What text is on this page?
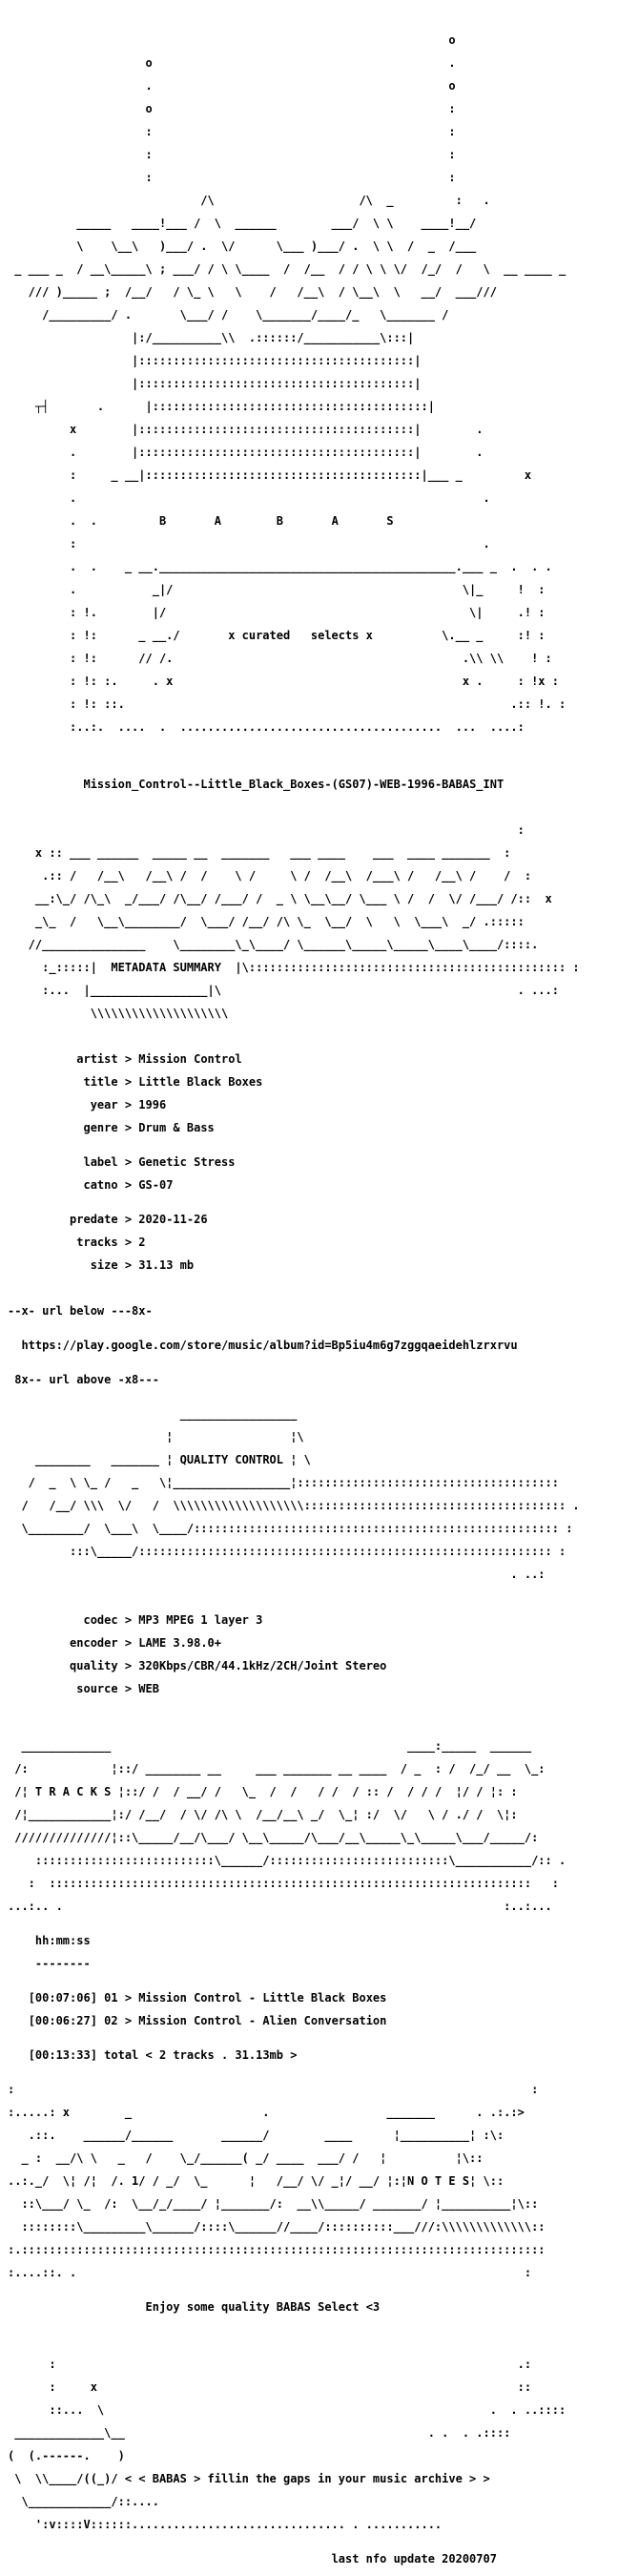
o

o                                           .

.                                           o

o                                           :

:                                           :

:                                           :

:                                           :

/\                     /\  _         :   .

_____   ____!___ /  \  ______        ___/  \ \    ____!__/

\    \__\   )___/ .  \/      \___ )___/ .  \ \  /  _  /___

_ ___ _  / __\_____\ ; ___/ / \ \____  /  /__  / / \ \ \/  /_/  /   \  __ ____ _

/// )_____ ;  /__/   / \_ \   \    /   /__\  / \__\  \   __/  ___///

/_________/ .       \___/ /    \_______/____/_   \_______ /

|:/__________\\  .::::::/___________\:::|

|::::::::::::::::::::::::::::::::::::::::|

|::::::::::::::::::::::::::::::::::::::::|

┬┤       .      |::::::::::::::::::::::::::::::::::::::::|

x        |::::::::::::::::::::::::::::::::::::::::|        .

.        |::::::::::::::::::::::::::::::::::::::::|        .

:     _ __|::::::::::::::::::::::::::::::::::::::::|___ _         x

.                                                           .

.  .         B       A        B       A       S

:                                                           .

.  .    _ __.___________________________________________.___ _  .  . .

.           _|/                                          \|_     !  :

: !.        |/                                            \|     .! :

: !:      _ __./       x curated   selects x          \.__ _     :! :

: !:      // /.                                          .\\ \\    ! :

: !: :.     . x                                          x .     : !x :

: !: ::.                                                        .:: !. :

:..:.  ....  .  ......................................  ...  ....:

Mission_Control--Little_Black_Boxes-(GS07)-WEB-1996-BABAS_INT

:

x :: ___ ______  _____ __  _______   ___ ____    ___  ____ _______  :

.:: /   /__\   /__\ /  /    \ /     \ /  /__\  /___\ /   /__\ /    /  :

__:\_/ /\_\  _/___/ /\__/ /___/ /  _ \ \__\__/ \___ \ /  /  \/ /___/ /::  x

_\_  /   \__\________/  \___/ /__/ /\ \_  \__/  \   \  \___\  _/ .:::::

//_______________    \________\_\____/ \______\_____\_____\____\____/::::.

:_:::::|  METADATA SUMMARY  |\:::::::::::::::::::::::::::::::::::::::::::::: :

:...  |_________________|\                                           . ...:

\\\\\\\\\\\\\\\\\\\\

artist > Mission Control

title > Little Black Boxes

year > 1996

genre > Drum & Bass

label > Genetic Stress

catno > GS-07

predate > 2020-11-26

tracks > 2

size > 31.13 mb

--x- url below ---8x-

https://play.google.com/store/music/album?id=Bp5iu4m6g7zggqaeidehlzrxrvu

8x-- url above -x8---

_________________

¦                 ¦\

________   _______ ¦ QUALITY CONTROL ¦ \

/  _  \ \_ /   _   \¦_________________¦::::::::::::::::::::::::::::::::::::::

/   /__/ \\\  \/   /  \\\\\\\\\\\\\\\\\\\:::::::::::::::::::::::::::::::::::::: .

\________/  \___\  \____/::::::::::::::::::::::::::::::::::::::::::::::::::::: :

:::\_____/:::::::::::::::::::::::::::::::::::::::::::::::::::::::::::: :

. ..:

codec > MP3 MPEG 1 layer 3

encoder > LAME 3.98.0+

quality > 320Kbps/CBR/44.1kHz/2CH/Joint Stereo

source > WEB

_____________                                           ____:_____  ______

/:            ¦::/ ________ __     ___ _______ __ ____  / _  : /  /_/ __  \_:

/¦ T R A C K S ¦::/ /  / __/ /   \_  /  /   / /  / :: /  / / /  ¦/ / ¦: :

/¦____________¦:/ /__/  / \/ /\ \  /__/__\ _/  \_¦ :/  \/   \ / ./ /  \¦:

//////////////¦::\_____/__/\___/ \__\_____/\___/__\_____\_\_____\___/_____/:

::::::::::::::::::::::::::\______/::::::::::::::::::::::::::\___________/:: .

:  ::::::::::::::::::::::::::::::::::::::::::::::::::::::::::::::::::::::   :

...:.. .                                                                :..:...

hh:mm:ss

--------

[00:07:06] 01 > Mission Control - Little Black Boxes

[00:06:27] 02 > Mission Control - Alien Conversation

[00:13:33] total < 2 tracks . 31.13mb >

:                                                                           :

:.....: x        _                   .                 _______      . .:.:>

.::.    ______/______       ______/        ____      ¦__________¦ :\:

_ :  __/\ \   _   /    \_/______( _/ ____  ___/ /   ¦          ¦\::

..:._/  \¦ /¦  /. 1/ / _/  \_      ¦   /__/ \/ _¦/ __/ ¦:¦N O T E S¦ \::

::\___/ \_  /:  \__/_/____/ ¦_______/:  __\\_____/ _______/ ¦__________¦\::

::::::::\_________\______/::::\______//____/::::::::::___///:\\\\\\\\\\\\\::

:.::::::::::::::::::::::::::::::::::::::::::::::::::::::::::::::::::::::::::::

:....::. .                                                                 :

Enjoy some quality BABAS Select <3

:                                                                   .:

:     x                                                             ::

::...  \                                                        .  . ..::::

_____________\__                                            . .  . .::::

(  (.------.    )

\  \\____/((_)/ < < BABAS > fillin the gaps in your music archive > >

\____________/::....

':v::::V::::::............................... . ...........

last nfo update 20200707
